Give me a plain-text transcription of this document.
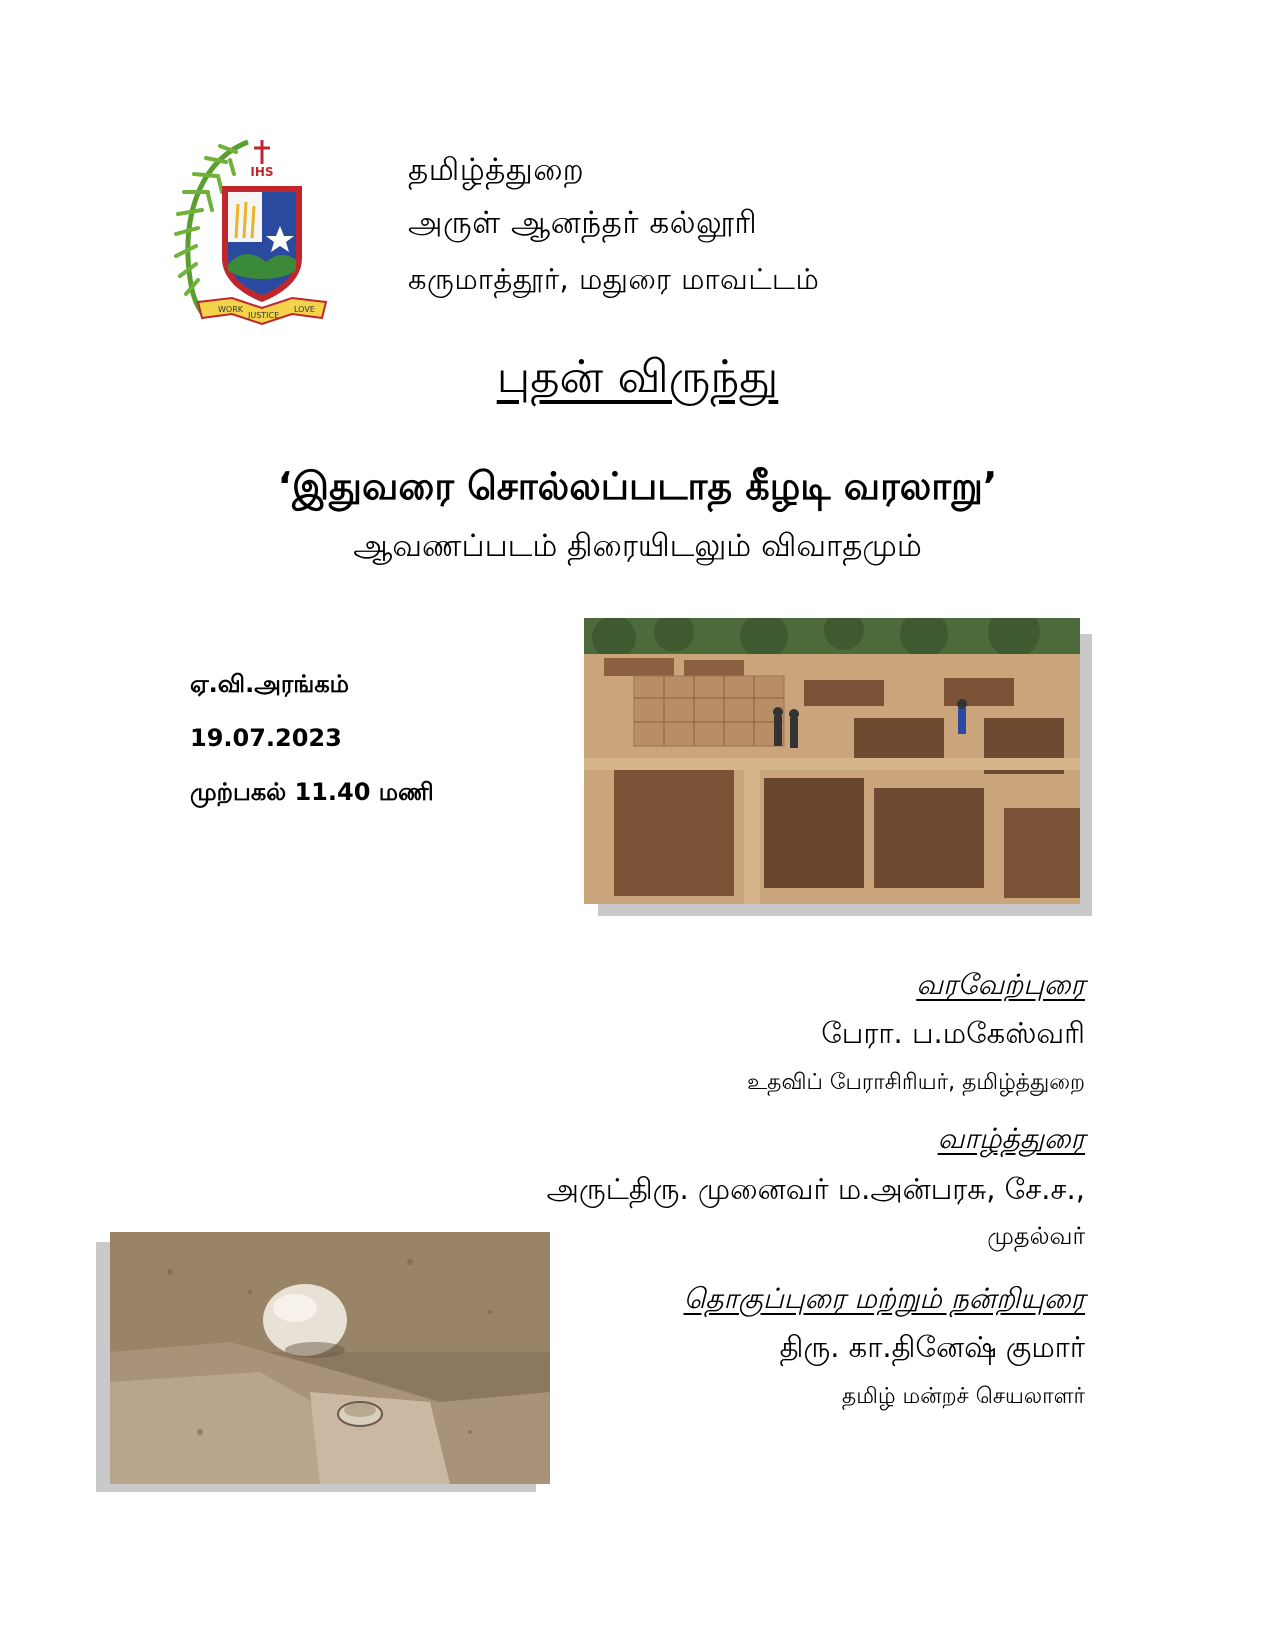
IHS
WORK
JUSTICE
LOVE
தமிழ்த்துறை
அருள் ஆனந்தர் கல்லூரி
கருமாத்தூர், மதுரை மாவட்டம்
புதன் விருந்து
‘இதுவரை சொல்லப்படாத கீழடி வரலாறு’
ஆவணப்படம் திரையிடலும் விவாதமும்
ஏ.வி.அரங்கம்
19.07.2023
முற்பகல் 11.40 மணி
வரவேற்புரை
பேரா. ப.மகேஸ்வரி
உதவிப் பேராசிரியர், தமிழ்த்துறை
வாழ்த்துரை
அருட்திரு. முனைவர் ம.அன்பரசு, சே.ச.,
முதல்வர்
தொகுப்புரை மற்றும் நன்றியுரை
திரு. கா.தினேஷ் குமார்
தமிழ் மன்றச் செயலாளர்
